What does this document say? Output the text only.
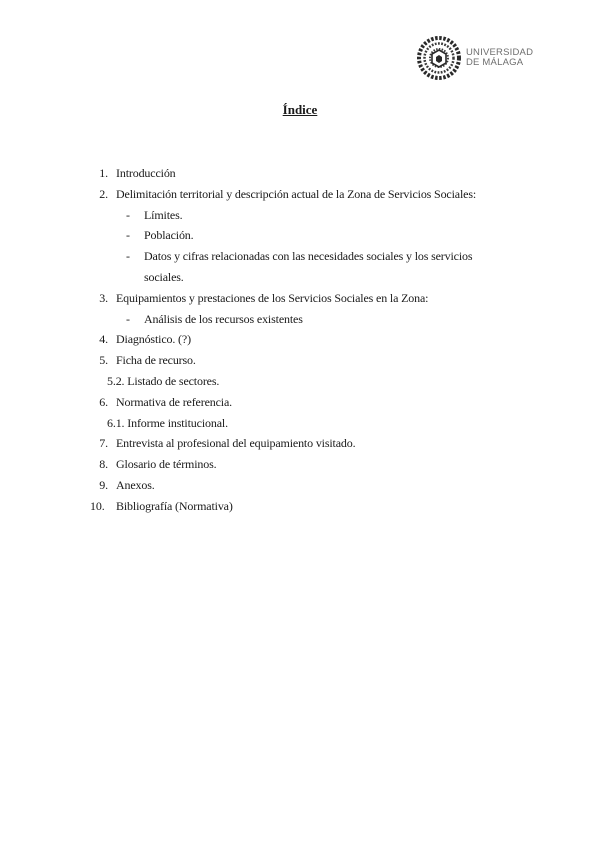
UNIVERSIDAD
DE MÁLAGA
Índice
1. Introducción
2. Delimitación territorial y descripción actual de la Zona de Servicios Sociales:
-	Límites.
-	Población.
-	Datos y cifras relacionadas con las necesidades sociales y los servicios
sociales.
3. Equipamientos y prestaciones de los Servicios Sociales en la Zona:
-	Análisis de los recursos existentes
4. Diagnóstico. (?)
5. Ficha de recurso.
5.2. Listado de sectores.
6. Normativa de referencia.
6.1. Informe institucional.
7. Entrevista al profesional del equipamiento visitado.
8. Glosario de términos.
9. Anexos.
10. Bibliografía (Normativa)
